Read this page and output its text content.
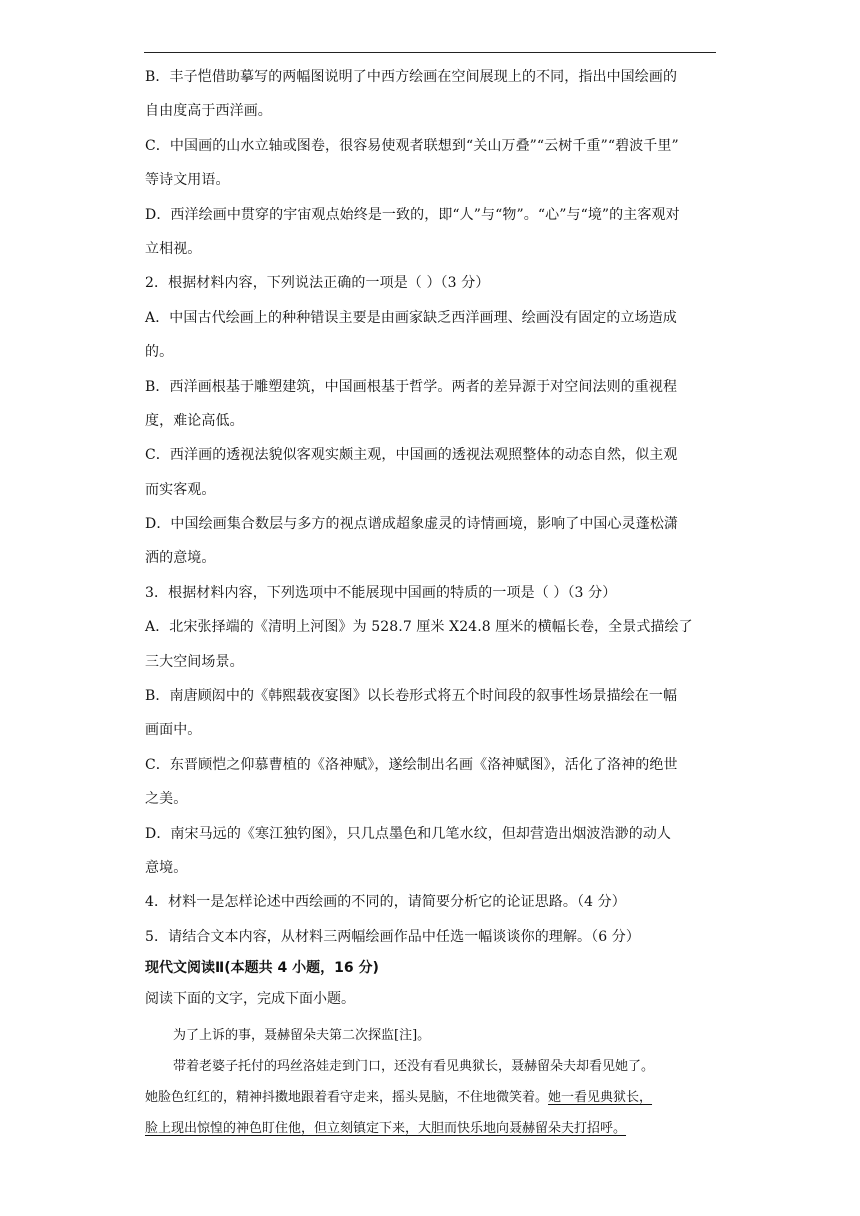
B．丰子恺借助摹写的两幅图说明了中西方绘画在空间展现上的不同，指出中国绘画的
自由度高于西洋画。
C．中国画的山水立轴或图卷，很容易使观者联想到“关山万叠”“云树千重”“碧波千里”
等诗文用语。
D．西洋绘画中贯穿的宇宙观点始终是一致的，即“人”与“物”。“心”与“境”的主客观对
立相视。
2．根据材料内容，下列说法正确的一项是（ ）（3 分）
A．中国古代绘画上的种种错误主要是由画家缺乏西洋画理、绘画没有固定的立场造成
的。
B．西洋画根基于雕塑建筑，中国画根基于哲学。两者的差异源于对空间法则的重视程
度，难论高低。
C．西洋画的透视法貌似客观实颇主观，中国画的透视法观照整体的动态自然，似主观
而实客观。
D．中国绘画集合数层与多方的视点谱成超象虚灵的诗情画境，影响了中国心灵蓬松潇
洒的意境。
3．根据材料内容，下列选项中不能展现中国画的特质的一项是（ ）（3 分）
A．北宋张择端的《清明上河图》为 528.7 厘米 X24.8 厘米的横幅长卷，全景式描绘了
三大空间场景。
B．南唐顾闳中的《韩熙载夜宴图》以长卷形式将五个时间段的叙事性场景描绘在一幅
画面中。
C．东晋顾恺之仰慕曹植的《洛神赋》，遂绘制出名画《洛神赋图》，活化了洛神的绝世
之美。
D．南宋马远的《寒江独钓图》，只几点墨色和几笔水纹，但却营造出烟波浩渺的动人
意境。
4．材料一是怎样论述中西绘画的不同的，请简要分析它的论证思路。（4 分）
5．请结合文本内容，从材料三两幅绘画作品中任选一幅谈谈你的理解。（6 分）
现代文阅读Ⅱ(本题共 4 小题，16 分)
阅读下面的文字，完成下面小题。
为了上诉的事，聂赫留朵夫第二次探监[注]。
带着老婆子托付的玛丝洛娃走到门口，还没有看见典狱长，聂赫留朵夫却看见她了。
她脸色红红的，精神抖擞地跟着看守走来，摇头晃脑，不住地微笑着。她一看见典狱长，
脸上现出惊惶的神色盯住他，但立刻镇定下来，大胆而快乐地向聂赫留朵夫打招呼。
